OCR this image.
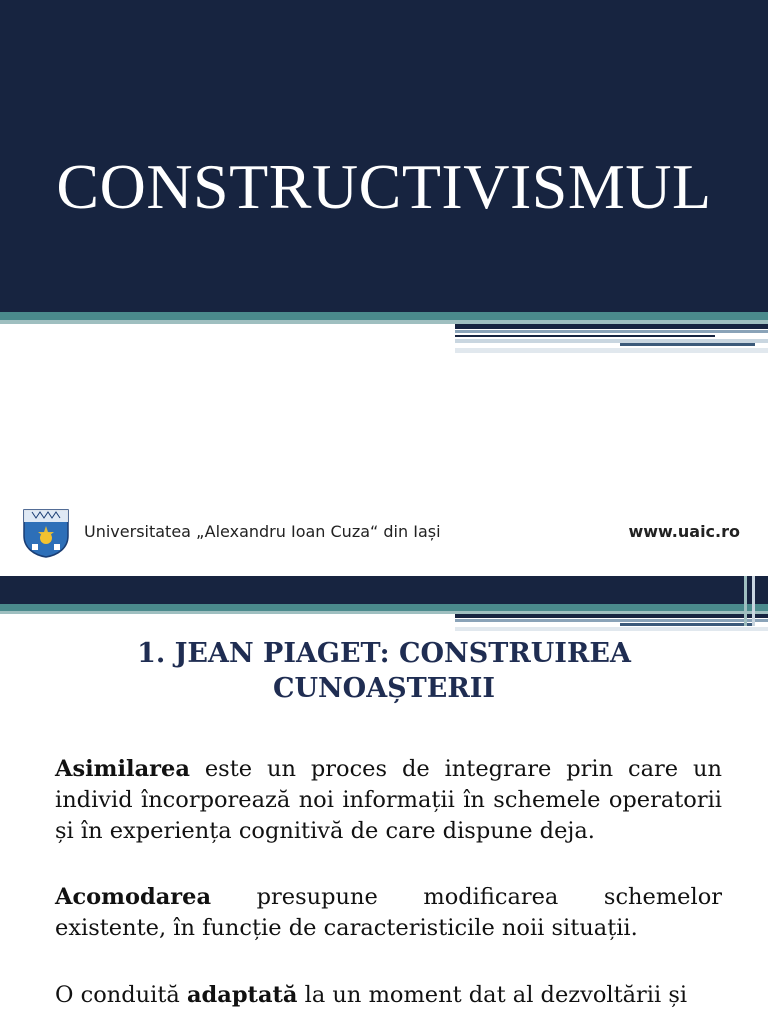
CONSTRUCTIVISMUL
Universitatea „Alexandru Ioan Cuza“ din Iași	www.uaic.ro
1. JEAN PIAGET: CONSTRUIREA
CUNOAȘTERII
Asimilarea este un proces de integrare prin care un individ încorporează noi informații în schemele operatorii și în experiența cognitivă de care dispune deja.
Acomodarea presupune modificarea schemelor existente, în funcție de caracteristicile noii situații.
O conduită adaptată la un moment dat al dezvoltării și
